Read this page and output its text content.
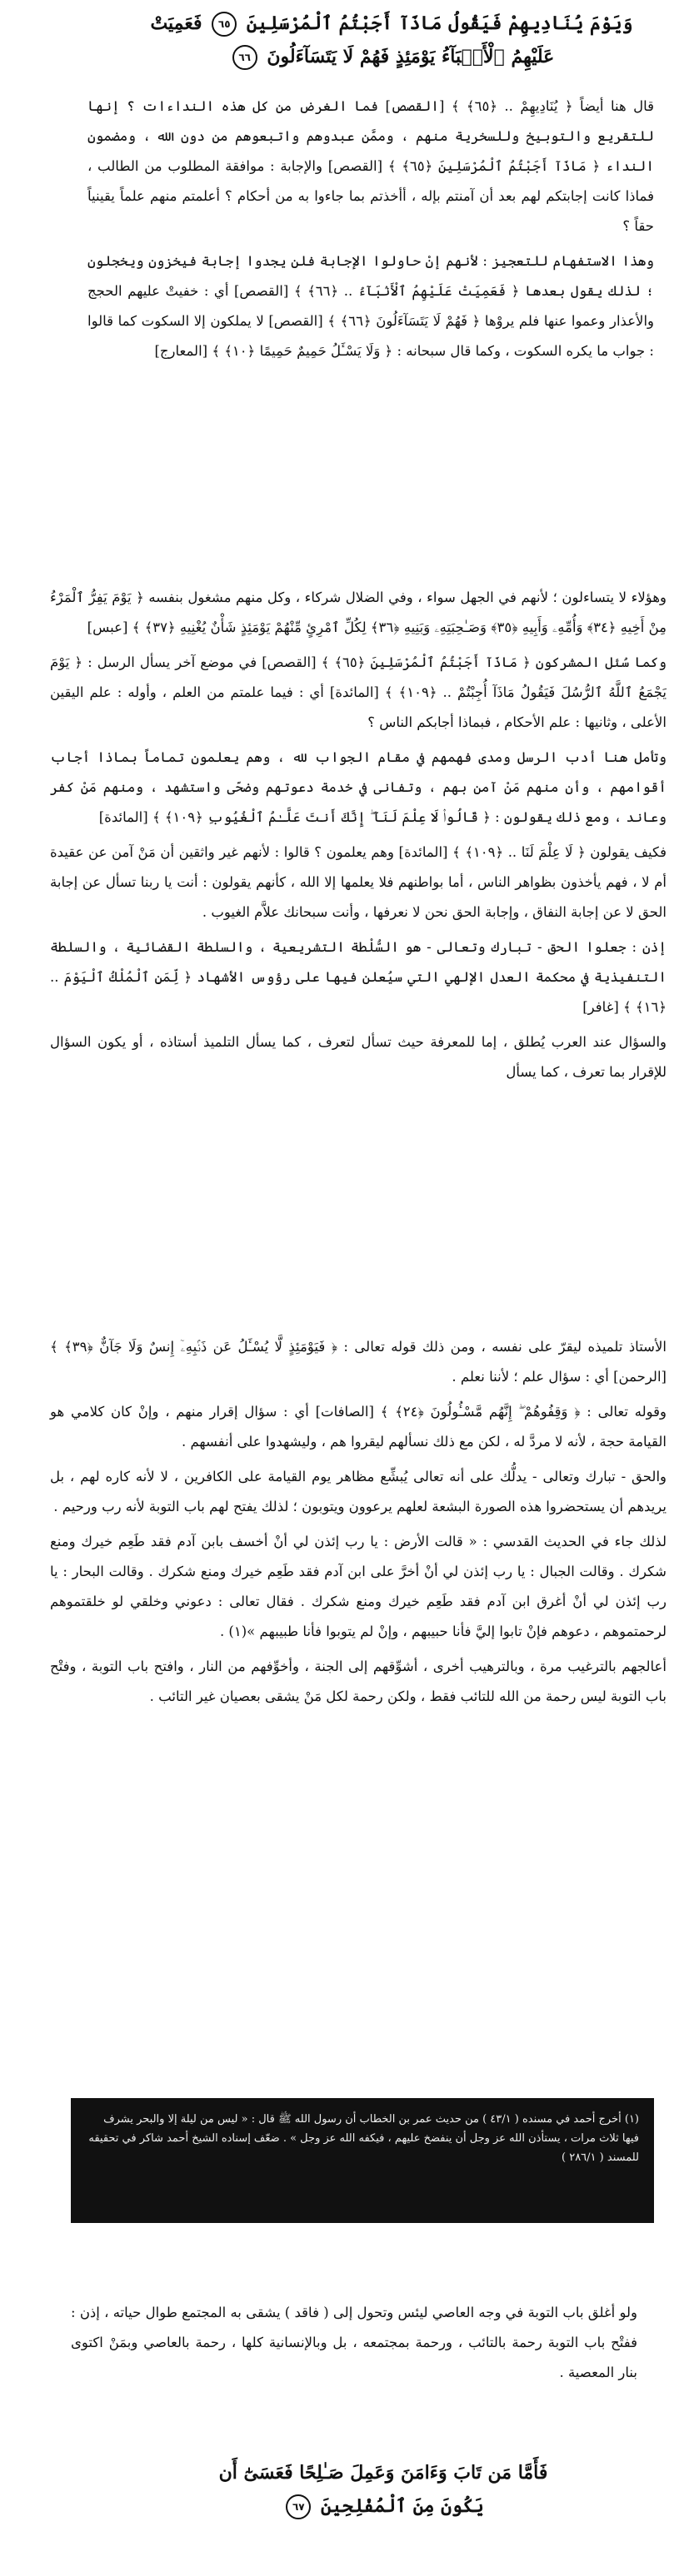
وَيَوْمَ يُنَادِيهِمْ فَيَقُولُ مَاذَآ أَجَبْتُمُ ٱلْمُرْسَلِينَ ٦٥ فَعَمِيَتْ
عَلَيْهِمُ ٱلْأَنۢبَآءُ يَوْمَئِذٍ فَهُمْ لَا يَتَسَآءَلُونَ ٦٦

قال هنا أيضاً ﴿ يُنَادِيهِمْ .. ﴿٦٥﴾ ﴾ [القصص] فما الغرض من كل هذه النداءات ؟ إنها للتقريع والتوبيخ وللسخرية منهم ، وممَّن عبدوهم واتبعوهم من دون الله ، ومضمون النداء ﴿ مَاذَآ أَجَبْتُمُ ٱلْمُرْسَلِينَ ﴿٦٥﴾ ﴾ [القصص] والإجابة : موافقة المطلوب من الطالب ، فماذا كانت إجابتكم لهم بعد أن آمنتم بإله ، أأخذتم بما جاءوا به من أحكام ؟ أعلمتم منهم علماً يقينياً حقاً ؟

وهذا الاستفهام للتعجيز : لأنهم إنْ حاولوا الإجابة فلن يجدوا إجابة فيخزون ويخجلون ؛ لذلك يقول بعدها ﴿ فَعَمِيَتْ عَلَيْهِمُ ٱلْأَنۢبَآءُ .. ﴿٦٦﴾ ﴾ [القصص] أي : خفيتْ عليهم الحجج والأعذار وعموا عنها فلم يروْها ﴿ فَهُمْ لَا يَتَسَآءَلُونَ ﴿٦٦﴾ ﴾ [القصص] لا يملكون إلا السكوت كما قالوا : جواب ما يكره السكوت ، وكما قال سبحانه : ﴿ وَلَا يَسْـَٔلُ حَمِيمٌ حَمِيمًا ﴿١٠﴾ ﴾ [المعارج]

وهؤلاء لا يتساءلون ؛ لأنهم في الجهل سواء ، وفي الضلال شركاء ، وكل منهم مشغول بنفسه ﴿ يَوْمَ يَفِرُّ ٱلْمَرْءُ مِنْ أَخِيهِ ﴿٣٤﴾ وَأُمِّهِۦ وَأَبِيهِ ﴿٣٥﴾ وَصَـٰحِبَتِهِۦ وَبَنِيهِ ﴿٣٦﴾ لِكُلِّ ٱمْرِئٍ مِّنْهُمْ يَوْمَئِذٍ شَأْنٌ يُغْنِيهِ ﴿٣٧﴾ ﴾ [عبس]

وكما سُئل المشركون ﴿ مَاذَآ أَجَبْتُمُ ٱلْمُرْسَلِينَ ﴿٦٥﴾ ﴾ [القصص] في موضع آخر يسأل الرسل : ﴿ يَوْمَ يَجْمَعُ ٱللَّهُ ٱلرُّسُلَ فَيَقُولُ مَاذَآ أُجِبْتُمْ .. ﴿١٠٩﴾ ﴾ [المائدة] أي : فيما علمتم من العلم ، وأوله : علم اليقين الأعلى ، وثانيها : علم الأحكام ، فبماذا أجابكم الناس ؟

وتأمل هنا أدب الرسل ومدى فهمهم في مقام الجواب لله ، وهم يعلمون تماماً بماذا أجاب أقوامهم ، وأن منهم مَنْ آمن بهم ، وتفانى في خدمة دعوتهم وضحّى واستشهد ، ومنهم مَنْ كفر وعاند ، ومع ذلك يقولون : ﴿ قَالُوا۟ لَا عِلْمَ لَنَآ ۖ إِنَّكَ أَنتَ عَلَّـٰمُ ٱلْغُيُوبِ ﴿١٠٩﴾ ﴾ [المائدة]

فكيف يقولون ﴿ لَا عِلْمَ لَنَا .. ﴿١٠٩﴾ ﴾ [المائدة] وهم يعلمون ؟ قالوا : لأنهم غير واثقين أن مَنْ آمن عن عقيدة أم لا ، فهم يأخذون بظواهر الناس ، أما بواطنهم فلا يعلمها إلا الله ، كأنهم يقولون : أنت يا ربنا تسأل عن إجابة الحق لا عن إجابة النفاق ، وإجابة الحق نحن لا نعرفها ، وأنت سبحانك علاَّم الغيوب .

إذن : جعلوا الحق - تبارك وتعالى - هو السُّلْطة التشريعية ، والسلطة القضائية ، والسلطة التنفيذية في محكمة العدل الإلهي التي سيُعلن فيها على رؤوس الأشهاد ﴿ لِّمَنِ ٱلْمُلْكُ ٱلْيَوْمَ .. ﴿١٦﴾ ﴾ [غافر]

والسؤال عند العرب يُطلق ، إما للمعرفة حيث تسأل لتعرف ، كما يسأل التلميذ أستاذه ، أو يكون السؤال للإقرار بما تعرف ، كما يسأل

الأستاذ تلميذه ليقرّ على نفسه ، ومن ذلك قوله تعالى : ﴿ فَيَوْمَئِذٍ لَّا يُسْـَٔلُ عَن ذَنۢبِهِۦٓ إِنسٌ وَلَا جَآنٌّ ﴿٣٩﴾ ﴾ [الرحمن] أي : سؤال علم ؛ لأننا نعلم .

وقوله تعالى : ﴿ وَقِفُوهُمْ ۖ إِنَّهُم مَّسْـُٔولُونَ ﴿٢٤﴾ ﴾ [الصافات] أي : سؤال إقرار منهم ، وإنْ كان كلامي هو القيامة حجة ، لأنه لا مردَّ له ، لكن مع ذلك نسألهم ليقروا هم ، وليشهدوا على أنفسهم .

والحق - تبارك وتعالى - يدلُّك على أنه تعالى يُبشِّع مظاهر يوم القيامة على الكافرين ، لا لأنه كاره لهم ، بل يريدهم أن يستحضروا هذه الصورة البشعة لعلهم يرعوون ويتوبون ؛ لذلك يفتح لهم باب التوبة لأنه رب ورحيم .

لذلك جاء في الحديث القدسي : « قالت الأرض : يا رب إئذن لي أنْ أخسف بابن آدم فقد طَعِم خيرك ومنع شكرك . وقالت الجبال : يا رب إئذن لي أنْ أخرَّ على ابن آدم فقد طَعِم خيرك ومنع شكرك . وقالت البحار : يا رب إئذن لي أنْ أغرق ابن آدم فقد طَعِم خيرك ومنع شكرك . فقال تعالى : دعوني وخلقي لو خلقتموهم لرحمتموهم ، دعوهم فإنْ تابوا إليَّ فأنا حبيبهم ، وإنْ لم يتوبوا فأنا طبيبهم »(١) .

أعالجهم بالترغيب مرة ، وبالترهيب أخرى ، أشوِّقهم إلى الجنة ، وأخوِّفهم من النار ، وافتح باب التوبة ، وفتْح باب التوبة ليس رحمة من الله للتائب فقط ، ولكن رحمة لكل مَنْ يشقى بعصيان غير التائب .

(١) أخرج أحمد في مسنده ( ٤٣/١ ) من حديث عمر بن الخطاب أن رسول الله ﷺ قال : « ليس من ليلة إلا والبحر يشرف فيها ثلاث مرات ، يستأذن الله عز وجل أن ينفضخ عليهم ، فيكفه الله عز وجل » . ضعّف إسناده الشيخ أحمد شاكر في تحقيقه للمسند ( ٢٨٦/١ )

ولو أغلق باب التوبة في وجه العاصي ليئس وتحول إلى ( فاقد ) يشقى به المجتمع طوال حياته ، إذن : ففتْح باب التوبة رحمة بالتائب ، ورحمة بمجتمعه ، بل وبالإنسانية كلها ، رحمة بالعاصي وبمَنْ اكتوى بنار المعصية .

فَأَمَّا مَن تَابَ وَءَامَنَ وَعَمِلَ صَـٰلِحًا فَعَسَىٰٓ أَن
يَكُونَ مِنَ ٱلْمُفْلِحِينَ ٦٧
